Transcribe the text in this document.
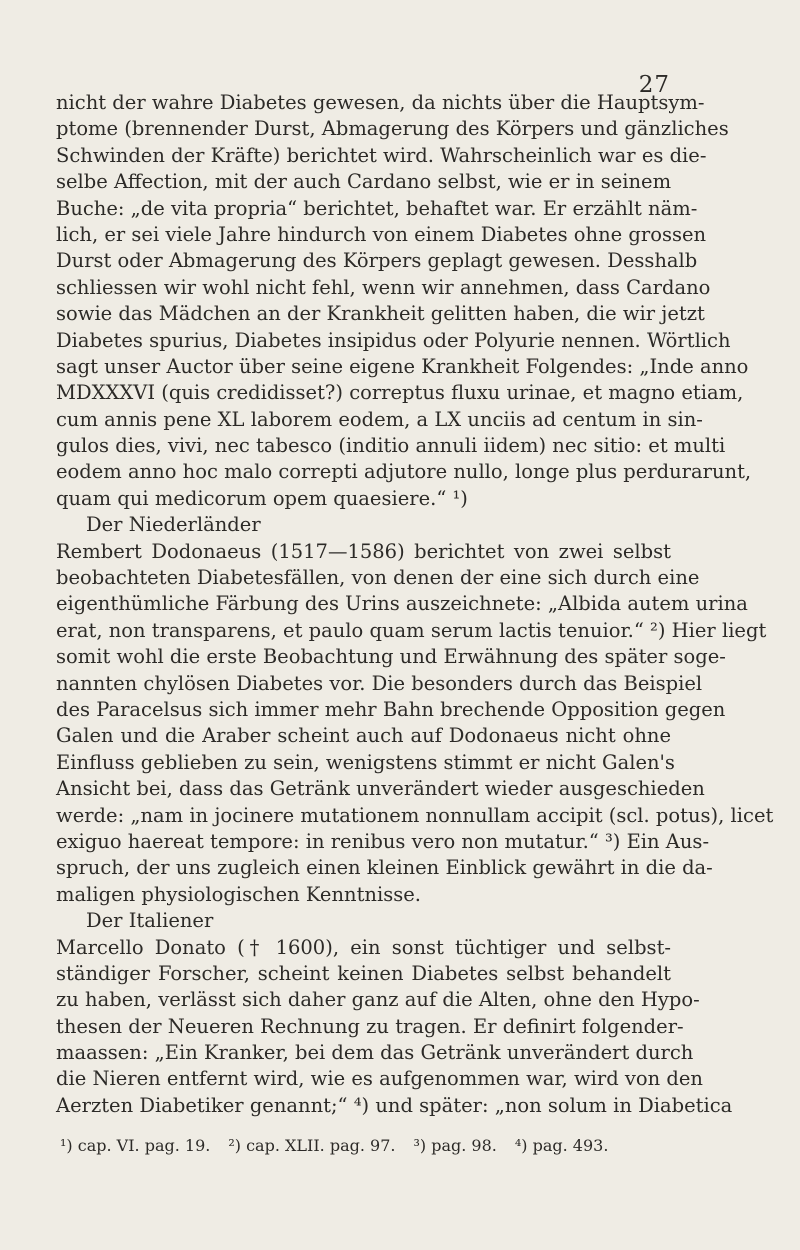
27
nicht der wahre Diabetes gewesen, da nichts über die Hauptsym-
ptome (brennender Durst, Abmagerung des Körpers und gänzliches
Schwinden der Kräfte) berichtet wird. Wahrscheinlich war es die-
selbe Affection, mit der auch Cardano selbst, wie er in seinem
Buche: „de vita propria“ berichtet, behaftet war. Er erzählt näm-
lich, er sei viele Jahre hindurch von einem Diabetes ohne grossen
Durst oder Abmagerung des Körpers geplagt gewesen. Desshalb
schliessen wir wohl nicht fehl, wenn wir annehmen, dass Cardano
sowie das Mädchen an der Krankheit gelitten haben, die wir jetzt
Diabetes spurius, Diabetes insipidus oder Polyurie nennen. Wörtlich
sagt unser Auctor über seine eigene Krankheit Folgendes: „Inde anno
MDXXXVI (quis credidisset?) correptus fluxu urinae, et magno etiam,
cum annis pene XL laborem eodem, a LX unciis ad centum in sin-
gulos dies, vivi, nec tabesco (inditio annuli iidem) nec sitio: et multi
eodem anno hoc malo correpti adjutore nullo, longe plus perdurarunt,
quam qui medicorum opem quaesiere.“ ¹)
Der Niederländer
Rembert Dodonaeus (1517—1586) berichtet von zwei selbst
beobachteten Diabetesfällen, von denen der eine sich durch eine
eigenthümliche Färbung des Urins auszeichnete: „Albida autem urina
erat, non transparens, et paulo quam serum lactis tenuior.“ ²) Hier liegt
somit wohl die erste Beobachtung und Erwähnung des später soge-
nannten chylösen Diabetes vor. Die besonders durch das Beispiel
des Paracelsus sich immer mehr Bahn brechende Opposition gegen
Galen und die Araber scheint auch auf Dodonaeus nicht ohne
Einfluss geblieben zu sein, wenigstens stimmt er nicht Galen's
Ansicht bei, dass das Getränk unverändert wieder ausgeschieden
werde: „nam in jocinere mutationem nonnullam accipit (scl. potus), licet
exiguo haereat tempore: in renibus vero non mutatur.“ ³) Ein Aus-
spruch, der uns zugleich einen kleinen Einblick gewährt in die da-
maligen physiologischen Kenntnisse.
Der Italiener
Marcello Donato († 1600), ein sonst tüchtiger und selbst-
ständiger Forscher, scheint keinen Diabetes selbst behandelt
zu haben, verlässt sich daher ganz auf die Alten, ohne den Hypo-
thesen der Neueren Rechnung zu tragen. Er definirt folgender-
maassen: „Ein Kranker, bei dem das Getränk unverändert durch
die Nieren entfernt wird, wie es aufgenommen war, wird von den
Aerzten Diabetiker genannt;“ ⁴) und später: „non solum in Diabetica
¹) cap. VI. pag. 19. ²) cap. XLII. pag. 97. ³) pag. 98. ⁴) pag. 493.
